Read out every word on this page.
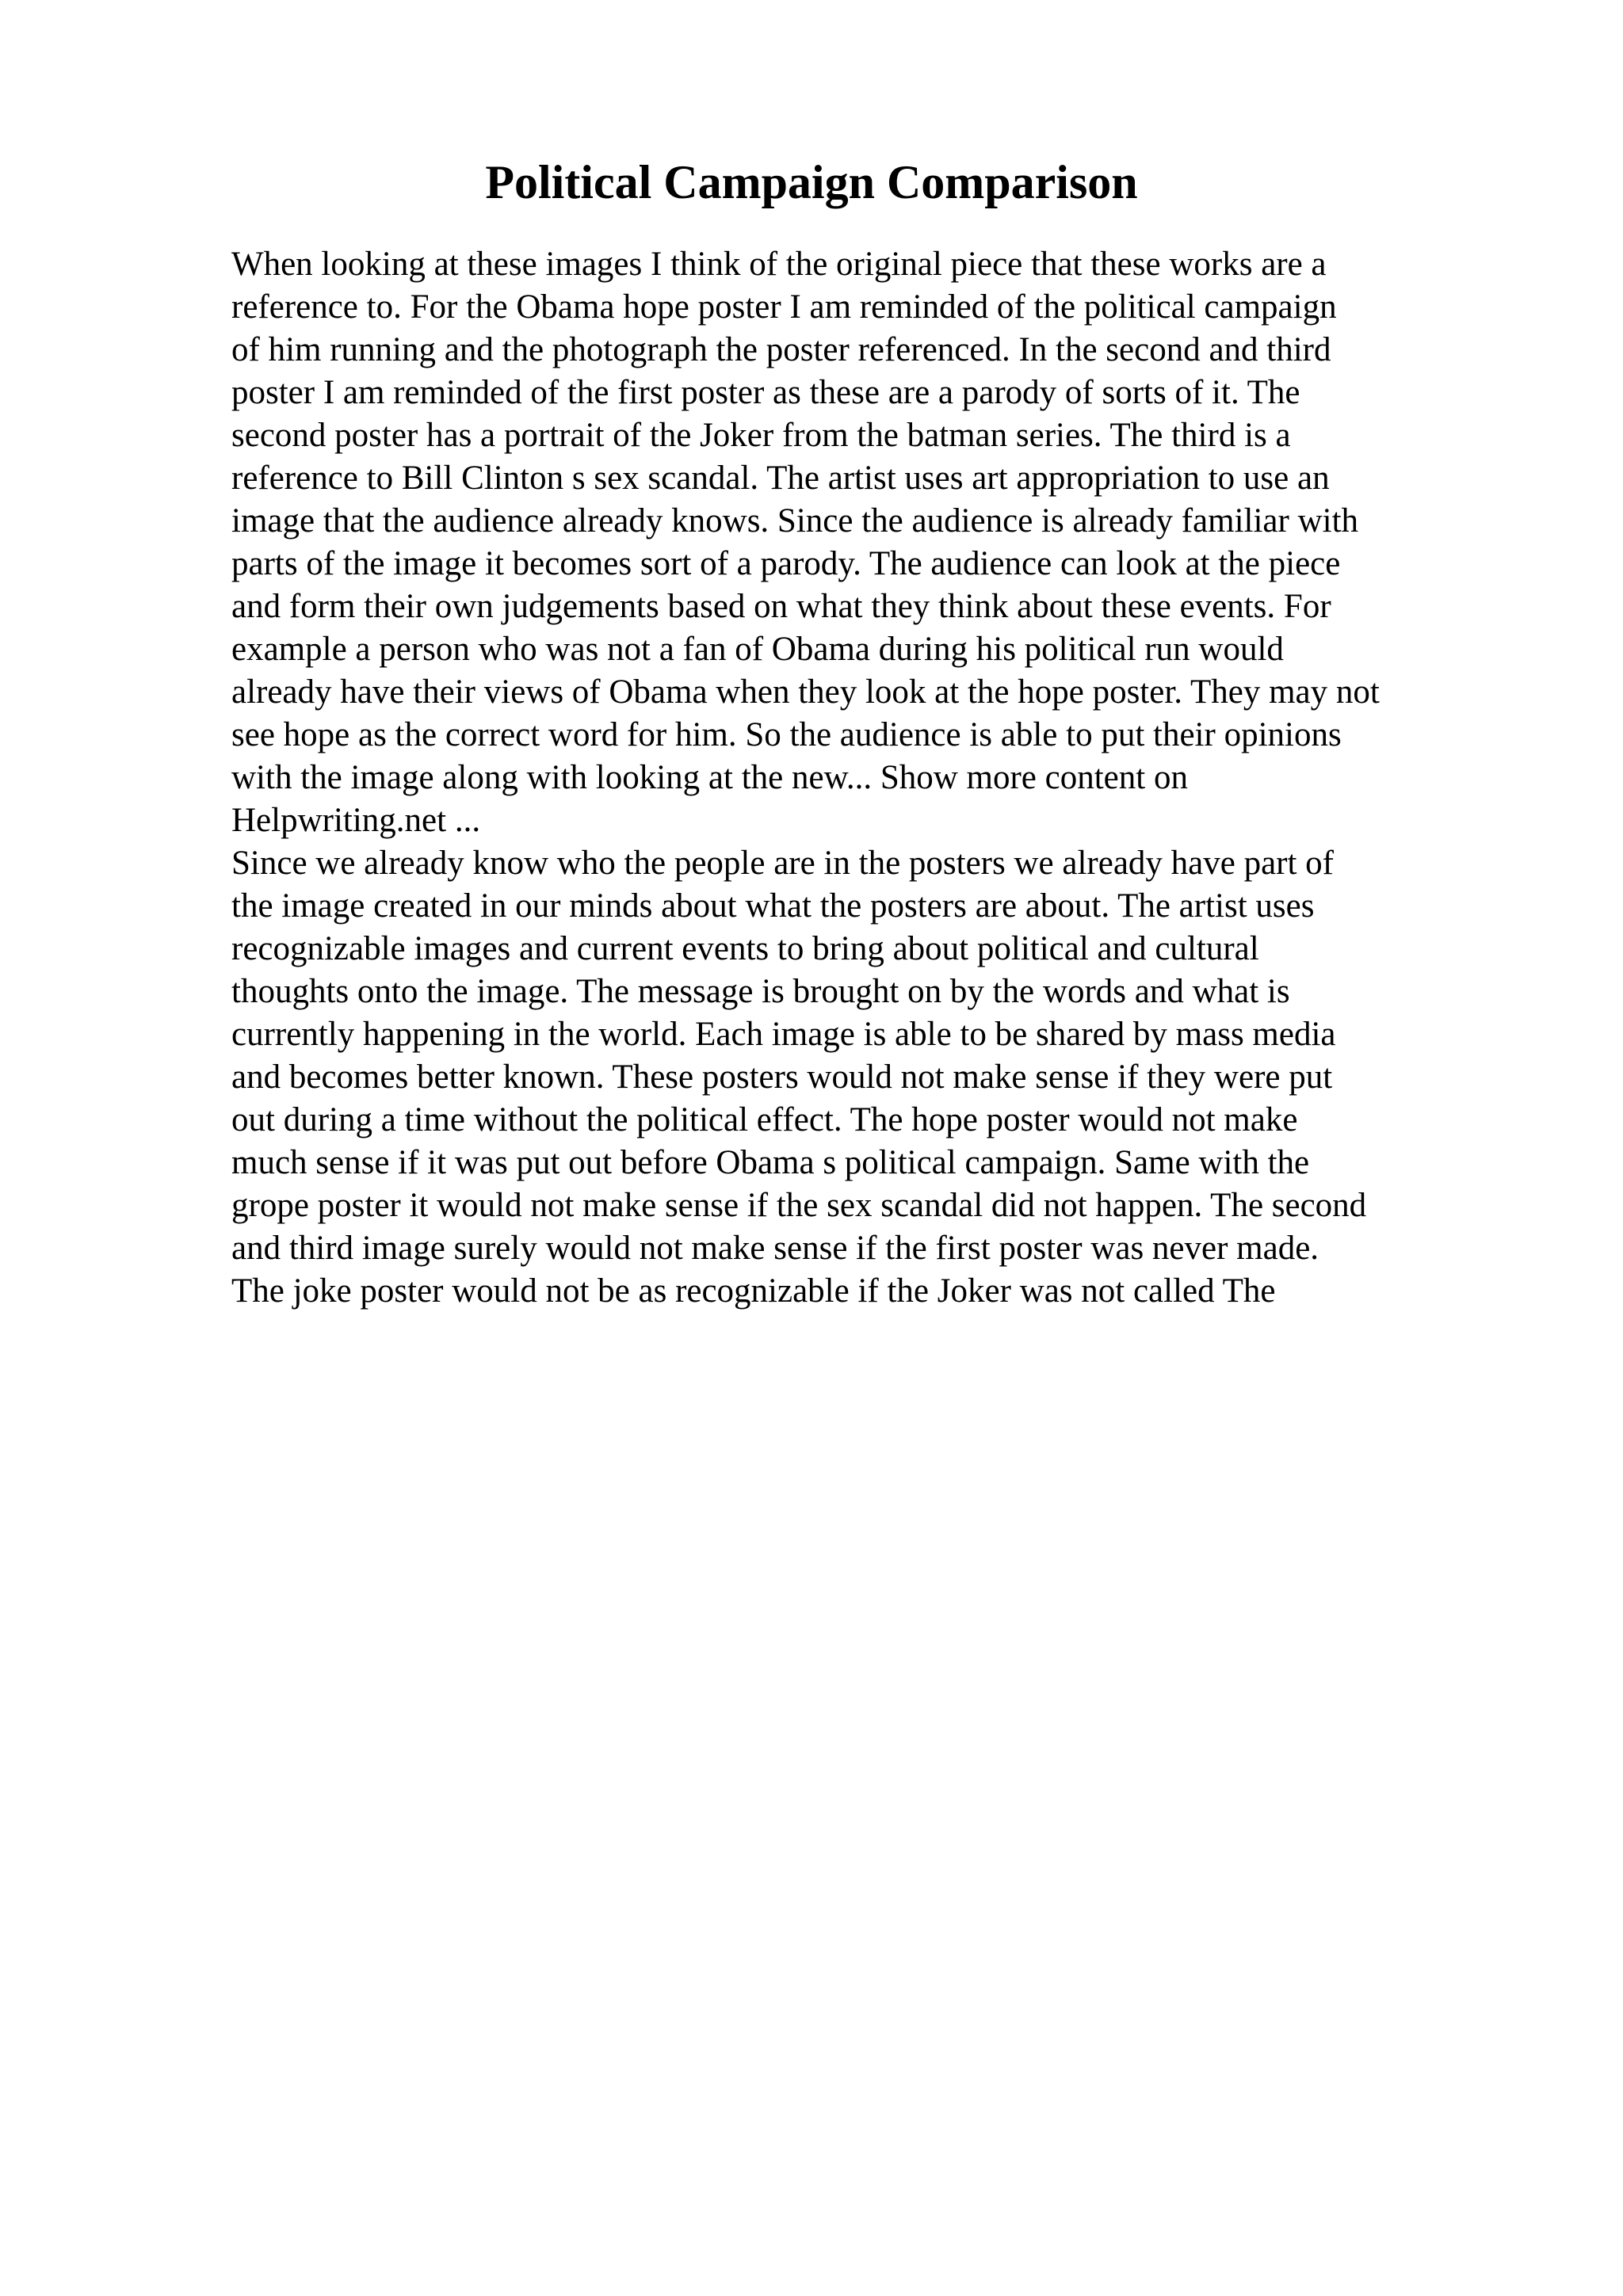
Political Campaign Comparison
When looking at these images I think of the original piece that these works are a
reference to. For the Obama hope poster I am reminded of the political campaign
of him running and the photograph the poster referenced. In the second and third
poster I am reminded of the first poster as these are a parody of sorts of it. The
second poster has a portrait of the Joker from the batman series. The third is a
reference to Bill Clinton s sex scandal. The artist uses art appropriation to use an
image that the audience already knows. Since the audience is already familiar with
parts of the image it becomes sort of a parody. The audience can look at the piece
and form their own judgements based on what they think about these events. For
example a person who was not a fan of Obama during his political run would
already have their views of Obama when they look at the hope poster. They may not
see hope as the correct word for him. So the audience is able to put their opinions
with the image along with looking at the new... Show more content on
Helpwriting.net ...
Since we already know who the people are in the posters we already have part of
the image created in our minds about what the posters are about. The artist uses
recognizable images and current events to bring about political and cultural
thoughts onto the image. The message is brought on by the words and what is
currently happening in the world. Each image is able to be shared by mass media
and becomes better known. These posters would not make sense if they were put
out during a time without the political effect. The hope poster would not make
much sense if it was put out before Obama s political campaign. Same with the
grope poster it would not make sense if the sex scandal did not happen. The second
and third image surely would not make sense if the first poster was never made.
The joke poster would not be as recognizable if the Joker was not called The
